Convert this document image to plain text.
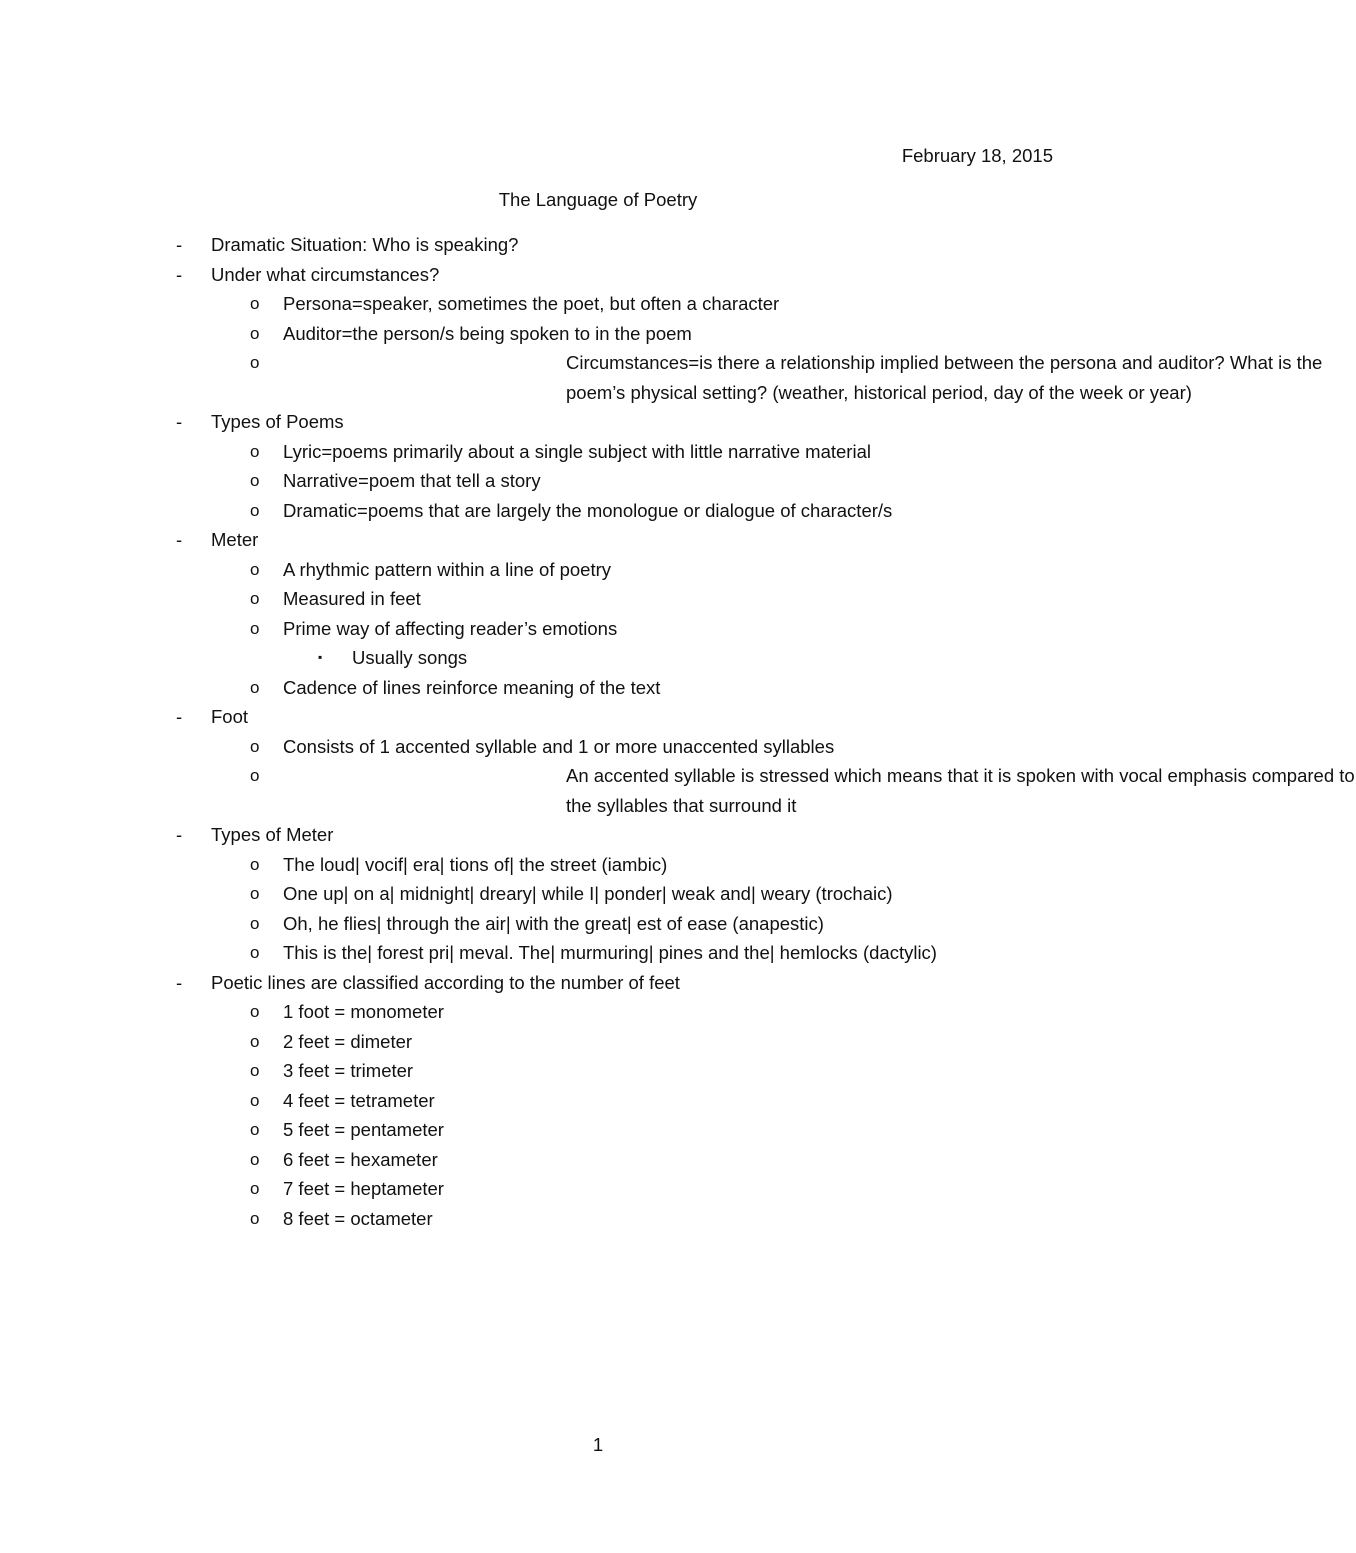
February 18, 2015
The Language of Poetry
- Dramatic Situation: Who is speaking?
- Under what circumstances?
o Persona=speaker, sometimes the poet, but often a character
o Auditor=the person/s being spoken to in the poem
o	Circumstances=is there a relationship implied between the persona and auditor? What is the poem’s physical setting? (weather, historical period, day of the week or year)
- Types of Poems
o Lyric=poems primarily about a single subject with little narrative material
o Narrative=poem that tell a story
o Dramatic=poems that are largely the monologue or dialogue of character/s
- Meter
o A rhythmic pattern within a line of poetry
o Measured in feet
o Prime way of affecting reader’s emotions
▪ Usually songs
o Cadence of lines reinforce meaning of the text
- Foot
o Consists of 1 accented syllable and 1 or more unaccented syllables
o	An accented syllable is stressed which means that it is spoken with vocal emphasis compared to the syllables that surround it
- Types of Meter
o The loud| vocif| era| tions of| the street (iambic)
o One up| on a| midnight| dreary| while I| ponder| weak and| weary (trochaic)
o Oh, he flies| through the air| with the great| est of ease (anapestic)
o This is the| forest pri| meval. The| murmuring| pines and the| hemlocks (dactylic)
- Poetic lines are classified according to the number of feet
o 1 foot = monometer
o 2 feet = dimeter
o 3 feet = trimeter
o 4 feet = tetrameter
o 5 feet = pentameter
o 6 feet = hexameter
o 7 feet = heptameter
o 8 feet = octameter
1
